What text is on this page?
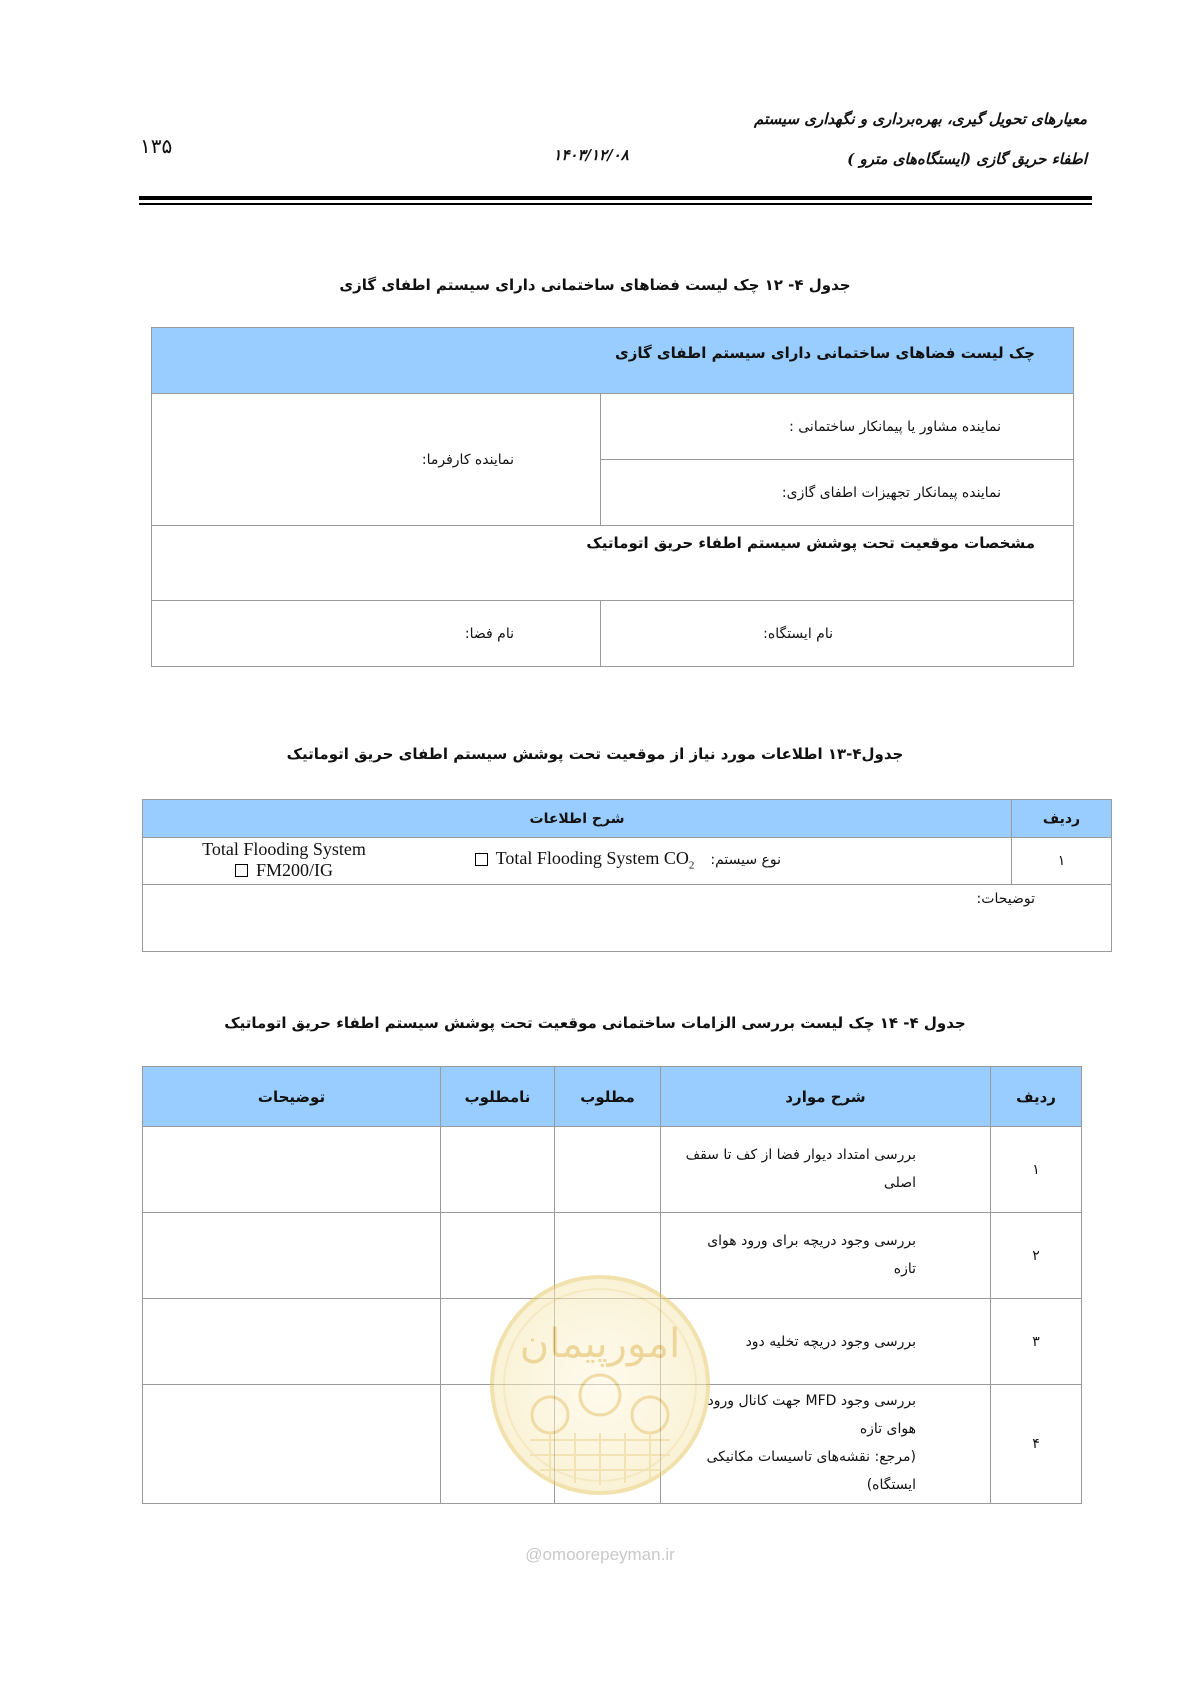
معیارهای تحویل گیری، بهره‌برداری و نگهداری سیستم
اطفاء حریق گازی (ایستگاه‌های مترو )
۱۴۰۳/۱۲/۰۸
۱۳۵
جدول ۴- ۱۲ چک لیست فضاهای ساختمانی دارای سیستم اطفای گازی
چک لیست فضاهای ساختمانی دارای سیستم اطفای گازی	

نماینده کارفرما:	نماینده مشاور یا پیمانکار ساختمانی :

	نماینده پیمانکار تجهیزات اطفای گازی:

مشخصات موقعیت تحت پوشش سیستم اطفاء حریق اتوماتیک	

نام فضا:	نام ایستگاه:
جدول۴-۱۳ اطلاعات مورد نیاز از موقعیت تحت پوشش سیستم اطفای حریق اتوماتیک
شرح اطلاعات	ردیف

Total Flooding System $CO_2$ نوع سیستم:
Total Flooding System
FM200/IG	۱

توضیحات:	
جدول ۴- ۱۴ چک لیست بررسی الزامات ساختمانی موقعیت تحت پوشش سیستم اطفاء حریق اتوماتیک
توضیحات	نامطلوب	مطلوب	شرح موارد	ردیف

			بررسی امتداد دیوار فضا از کف تا سقف
اصلی	۱

			بررسی وجود دریچه برای ورود هوای
تازه	۲

			بررسی وجود دریچه تخلیه دود	۳

			بررسی وجود MFD جهت کانال ورود
هوای تازه
(مرجع: نقشه‌های تاسیسات مکانیکی
ایستگاه)	۴
امورپیمان
@omoorepeyman.ir
